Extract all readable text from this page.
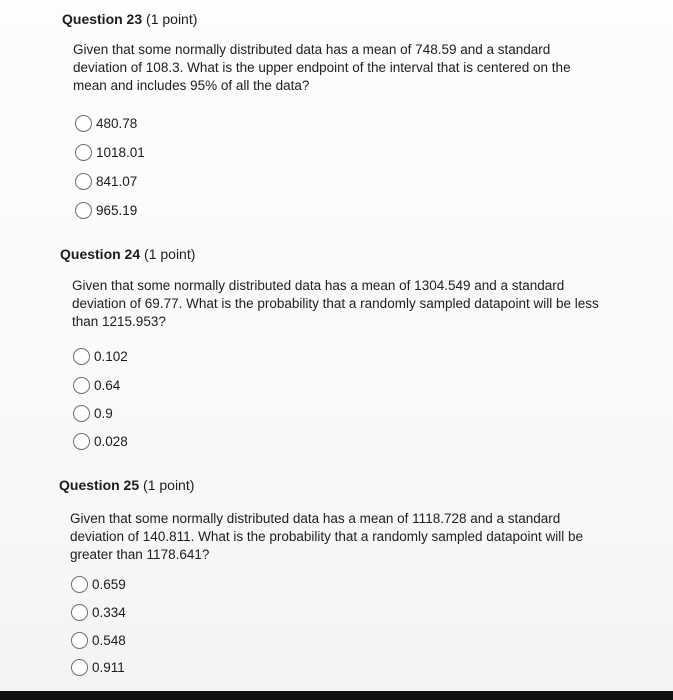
Question 23 (1 point)
Given that some normally distributed data has a mean of 748.59 and a standard deviation of 108.3. What is the upper endpoint of the interval that is centered on the mean and includes 95% of all the data?
480.78
1018.01
841.07
965.19
Question 24 (1 point)
Given that some normally distributed data has a mean of 1304.549 and a standard deviation of 69.77. What is the probability that a randomly sampled datapoint will be less than 1215.953?
0.102
0.64
0.9
0.028
Question 25 (1 point)
Given that some normally distributed data has a mean of 1118.728 and a standard deviation of 140.811. What is the probability that a randomly sampled datapoint will be greater than 1178.641?
0.659
0.334
0.548
0.911
